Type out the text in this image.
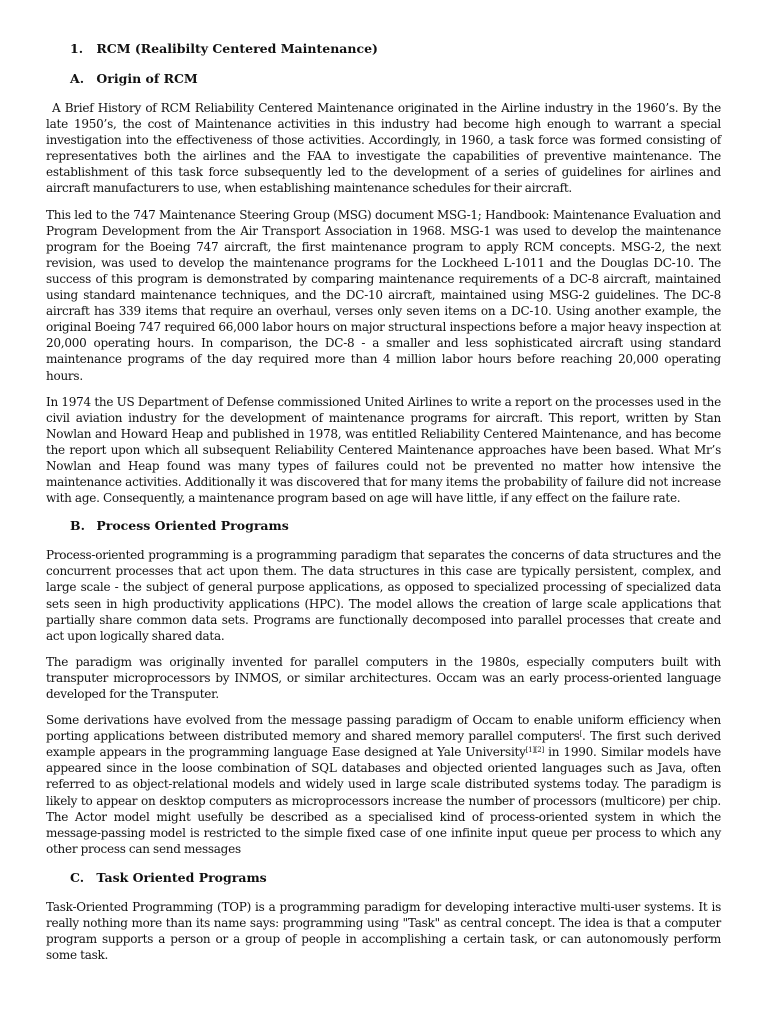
1. RCM (Realibilty Centered Maintenance)
A. Origin of RCM

A Brief History of RCM Reliability Centered Maintenance originated in the Airline industry in the 1960’s. By the late 1950’s, the cost of Maintenance activities in this industry had become high enough to warrant a special investigation into the effectiveness of those activities. Accordingly, in 1960, a task force was formed consisting of representatives both the airlines and the FAA to investigate the capabilities of preventive maintenance. The establishment of this task force subsequently led to the development of a series of guidelines for airlines and aircraft manufacturers to use, when establishing maintenance schedules for their aircraft.

This led to the 747 Maintenance Steering Group (MSG) document MSG-1; Handbook: Maintenance Evaluation and Program Development from the Air Transport Association in 1968. MSG-1 was used to develop the maintenance program for the Boeing 747 aircraft, the first maintenance program to apply RCM concepts. MSG-2, the next revision, was used to develop the maintenance programs for the Lockheed L-1011 and the Douglas DC-10. The success of this program is demonstrated by comparing maintenance requirements of a DC-8 aircraft, maintained using standard maintenance techniques, and the DC-10 aircraft, maintained using MSG-2 guidelines. The DC-8 aircraft has 339 items that require an overhaul, verses only seven items on a DC-10. Using another example, the original Boeing 747 required 66,000 labor hours on major structural inspections before a major heavy inspection at 20,000 operating hours. In comparison, the DC-8 - a smaller and less sophisticated aircraft using standard maintenance programs of the day required more than 4 million labor hours before reaching 20,000 operating hours.

In 1974 the US Department of Defense commissioned United Airlines to write a report on the processes used in the civil aviation industry for the development of maintenance programs for aircraft. This report, written by Stan Nowlan and Howard Heap and published in 1978, was entitled Reliability Centered Maintenance, and has become the report upon which all subsequent Reliability Centered Maintenance approaches have been based. What Mr’s Nowlan and Heap found was many types of failures could not be prevented no matter how intensive the maintenance activities. Additionally it was discovered that for many items the probability of failure did not increase with age. Consequently, a maintenance program based on age will have little, if any effect on the failure rate.

B. Process Oriented Programs

Process-oriented programming is a programming paradigm that separates the concerns of data structures and the concurrent processes that act upon them. The data structures in this case are typically persistent, complex, and large scale - the subject of general purpose applications, as opposed to specialized processing of specialized data sets seen in high productivity applications (HPC). The model allows the creation of large scale applications that partially share common data sets. Programs are functionally decomposed into parallel processes that create and act upon logically shared data.

The paradigm was originally invented for parallel computers in the 1980s, especially computers built with transputer microprocessors by INMOS, or similar architectures. Occam was an early process-oriented language developed for the Transputer.

Some derivations have evolved from the message passing paradigm of Occam to enable uniform efficiency when porting applications between distributed memory and shared memory parallel computers[. The first such derived example appears in the programming language Ease designed at Yale University[1][2] in 1990. Similar models have appeared since in the loose combination of SQL databases and objected oriented languages such as Java, often referred to as object-relational models and widely used in large scale distributed systems today. The paradigm is likely to appear on desktop computers as microprocessors increase the number of processors (multicore) per chip. The Actor model might usefully be described as a specialised kind of process-oriented system in which the message-passing model is restricted to the simple fixed case of one infinite input queue per process to which any other process can send messages

C. Task Oriented Programs

Task-Oriented Programming (TOP) is a programming paradigm for developing interactive multi-user systems. It is really nothing more than its name says: programming using "Task" as central concept. The idea is that a computer program supports a person or a group of people in accomplishing a certain task, or can autonomously perform some task.
